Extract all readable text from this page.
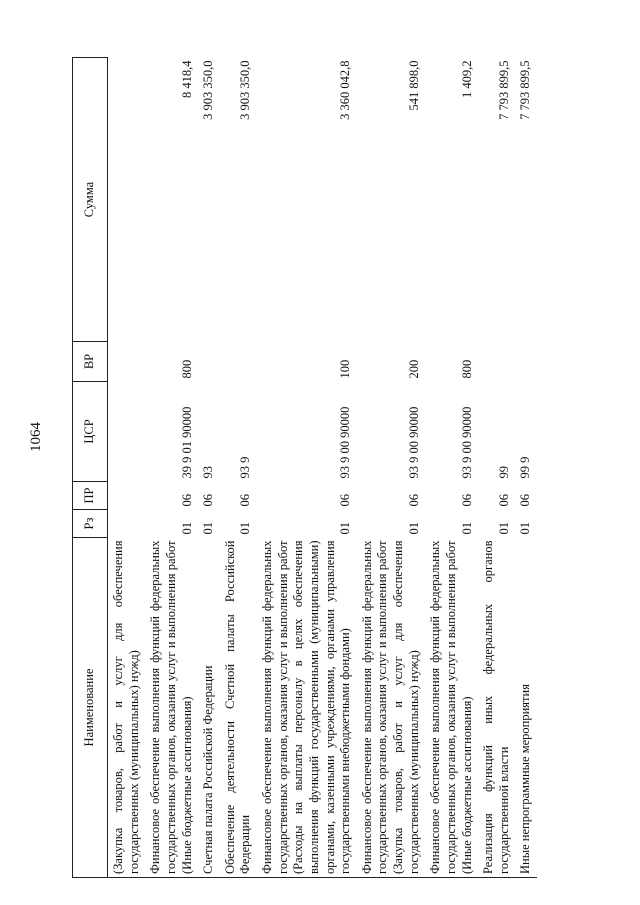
1064
Наименование	Рз	ПР	ЦСР	ВР	Сумма
(Закупка товаров, работ и услуг для обеспечения государственных (муниципальных) нужд)					
Финансовое обеспечение выполнения функций федеральных государственных органов, оказания услуг и выполнения работ (Иные бюджетные ассигнования)	01	06	39 9 01 90000	800	8 418,4
Счетная палата Российской Федерации	01	06	93		3 903 350,0
Обеспечение деятельности Счетной палаты Российской Федерации	01	06	93 9		3 903 350,0
Финансовое обеспечение выполнения функций федеральных государственных органов, оказания услуг и выполнения работ (Расходы на выплаты персоналу в целях обеспечения выполнения функций государственными (муниципальными) органами, казенными учреждениями, органами управления государственными внебюджетными фондами)	01	06	93 9 00 90000	100	3 360 042,8
Финансовое обеспечение выполнения функций федеральных государственных органов, оказания услуг и выполнения работ (Закупка товаров, работ и услуг для обеспечения государственных (муниципальных) нужд)	01	06	93 9 00 90000	200	541 898,0
Финансовое обеспечение выполнения функций федеральных государственных органов, оказания услуг и выполнения работ (Иные бюджетные ассигнования)	01	06	93 9 00 90000	800	1 409,2
Реализация функций иных федеральных органов государственной власти	01	06	99		7 793 899,5
Иные непрограммные мероприятия	01	06	99 9		7 793 899,5
